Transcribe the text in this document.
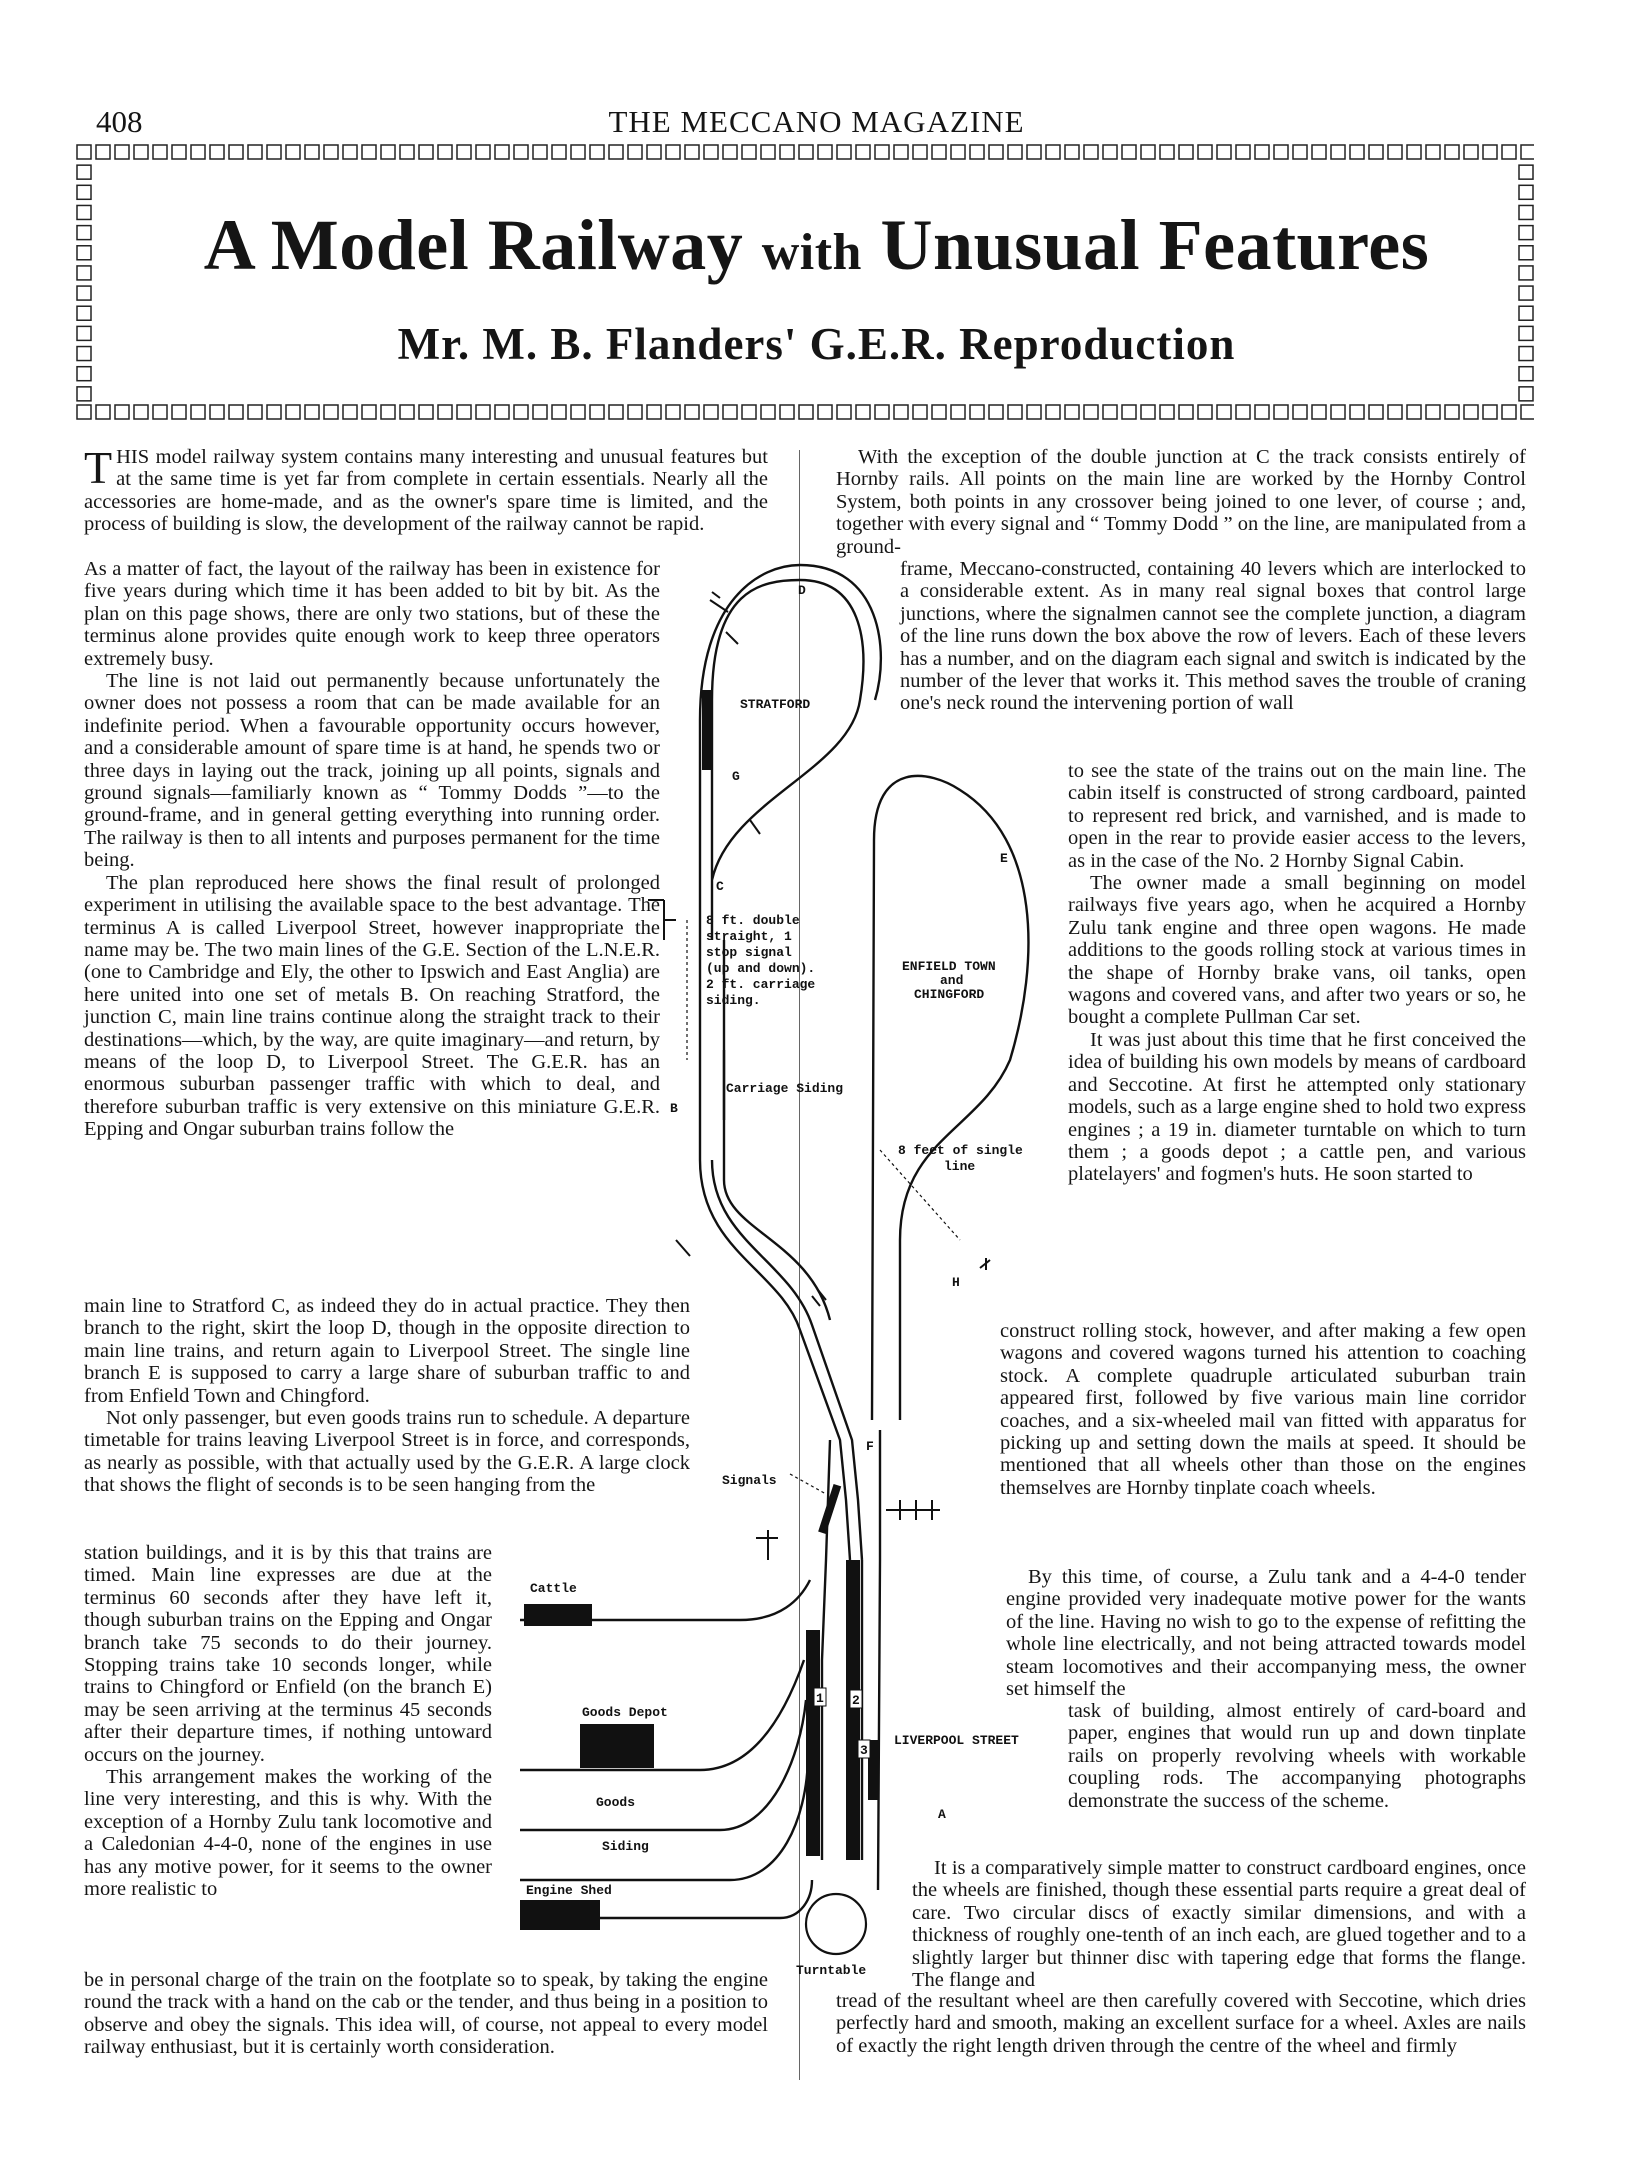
408	THE MECCANO MAGAZINE
A Model Railway with Unusual Features
Mr. M. B. Flanders' G.E.R. Reproduction

THIS model railway system contains many interesting and unusual features but at the same time is yet far from complete in certain essentials. Nearly all the accessories are home-made, and as the owner's spare time is limited, and the process of building is slow, the development of the railway cannot be rapid.

As a matter of fact, the layout of the railway has been in existence for five years during which time it has been added to bit by bit. As the plan on this page shows, there are only two stations, but of these the terminus alone provides quite enough work to keep three operators extremely busy.

The line is not laid out permanently because unfortunately the owner does not possess a room that can be made available for an indefinite period. When a favourable opportunity occurs however, and a considerable amount of spare time is at hand, he spends two or three days in laying out the track, joining up all points, signals and ground signals—familiarly known as “ Tommy Dodds ”—to the ground-frame, and in general getting everything into running order. The railway is then to all intents and purposes permanent for the time being.

The plan reproduced here shows the final result of prolonged experiment in utilising the available space to the best advantage. The terminus A is called Liverpool Street, however inappropriate the name may be. The two main lines of the G.E. Section of the L.N.E.R. (one to Cambridge and Ely, the other to Ipswich and East Anglia) are here united into one set of metals B. On reaching Stratford, the junction C, main line trains continue along the straight track to their destinations—which, by the way, are quite imaginary—and return, by means of the loop D, to Liverpool Street. The G.E.R. has an enormous suburban passenger traffic with which to deal, and therefore suburban traffic is very extensive on this miniature G.E.R. Epping and Ongar suburban trains follow the

main line to Stratford C, as indeed they do in actual practice. They then branch to the right, skirt the loop D, though in the opposite direction to main line trains, and return again to Liverpool Street. The single line branch E is supposed to carry a large share of suburban traffic to and from Enfield Town and Chingford.

Not only passenger, but even goods trains run to schedule. A departure timetable for trains leaving Liverpool Street is in force, and corresponds, as nearly as possible, with that actually used by the G.E.R. A large clock that shows the flight of seconds is to be seen hanging from the

station buildings, and it is by this that trains are timed. Main line expresses are due at the terminus 60 seconds after they have left it, though suburban trains on the Epping and Ongar branch take 75 seconds to do their journey. Stopping trains take 10 seconds longer, while trains to Chingford or Enfield (on the branch E) may be seen arriving at the terminus 45 seconds after their departure times, if nothing untoward occurs on the journey.

This arrangement makes the working of the line very interesting, and this is why. With the exception of a Hornby Zulu tank locomotive and a Caledonian 4-4-0, none of the engines in use has any motive power, for it seems to the owner more realistic to

be in personal charge of the train on the footplate so to speak, by taking the engine round the track with a hand on the cab or the tender, and thus being in a position to observe and obey the signals. This idea will, of course, not appeal to every model railway enthusiast, but it is certainly worth consideration.

With the exception of the double junction at C the track consists entirely of Hornby rails. All points on the main line are worked by the Hornby Control System, both points in any crossover being joined to one lever, of course ; and, together with every signal and “ Tommy Dodd ” on the line, are manipulated from a ground-

frame, Meccano-constructed, containing 40 levers which are interlocked to a considerable extent. As in many real signal boxes that control large junctions, where the signalmen cannot see the complete junction, a diagram of the line runs down the box above the row of levers. Each of these levers has a number, and on the diagram each signal and switch is indicated by the number of the lever that works it. This method saves the trouble of craning one's neck round the intervening portion of wall

to see the state of the trains out on the main line. The cabin itself is constructed of strong cardboard, painted to represent red brick, and varnished, and is made to open in the rear to provide easier access to the levers, as in the case of the No. 2 Hornby Signal Cabin.

The owner made a small beginning on model railways five years ago, when he acquired a Hornby Zulu tank engine and three open wagons. He made additions to the goods rolling stock at various times in the shape of Hornby brake vans, oil tanks, open wagons and covered vans, and after two years or so, he bought a complete Pullman Car set.

It was just about this time that he first conceived the idea of building his own models by means of cardboard and Seccotine. At first he attempted only stationary models, such as a large engine shed to hold two express engines ; a 19 in. diameter turntable on which to turn them ; a goods depot ; a cattle pen, and various platelayers' and fogmen's huts. He soon started to

construct rolling stock, however, and after making a few open wagons and covered wagons turned his attention to coaching stock. A complete quadruple articulated suburban train appeared first, followed by five various main line corridor coaches, and a six-wheeled mail van fitted with apparatus for picking up and setting down the mails at speed. It should be mentioned that all wheels other than those on the engines themselves are Hornby tinplate coach wheels.

By this time, of course, a Zulu tank and a 4-4-0 tender engine provided very inadequate motive power for the wants of the line. Having no wish to go to the expense of refitting the whole line electrically, and not being attracted towards model steam locomotives and their accompanying mess, the owner set himself the

task of building, almost entirely of card-board and paper, engines that would run up and down tinplate rails on properly revolving wheels with workable coupling rods. The accompanying photographs demonstrate the success of the scheme.

It is a comparatively simple matter to construct cardboard engines, once the wheels are finished, though these essential parts require a great deal of care. Two circular discs of exactly similar dimensions, and with a thickness of roughly one-tenth of an inch each, are glued together and to a slightly larger but thinner disc with tapering edge that forms the flange. The flange and

tread of the resultant wheel are then carefully covered with Seccotine, which dries perfectly hard and smooth, making an excellent surface for a wheel. Axles are nails of exactly the right length driven through the centre of the wheel and firmly

D
STRATFORD
G
E
C
8 ft. double
straight, 1
stop signal
(up and down).
2 ft. carriage
siding.
ENFIELD TOWN
and
CHINGFORD
Carriage Siding
B
8 feet of single
line
H
F
Signals
Cattle
Goods Depot
Goods
Siding
Engine Shed
LIVERPOOL STREET
A
Turntable
1 2
3
